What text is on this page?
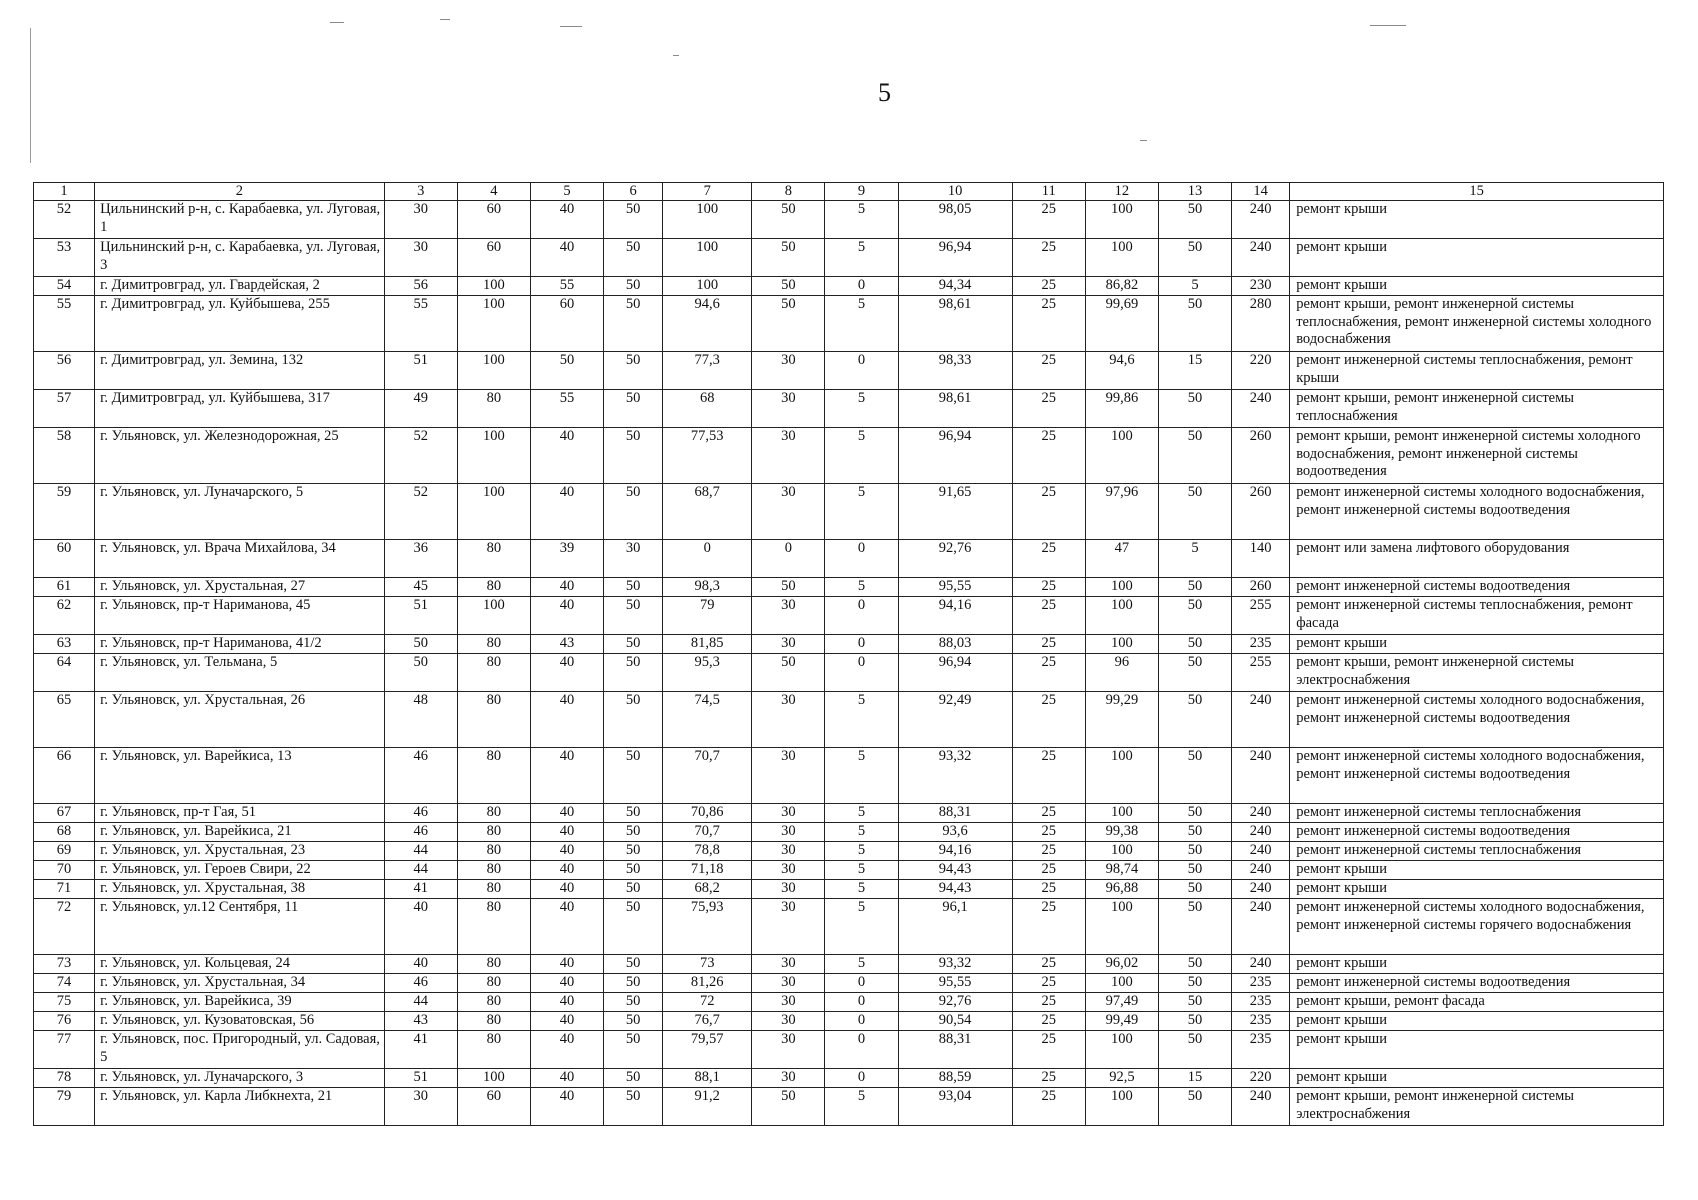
5
1	2	3	4	5	6	7	8	9	10	11	12	13	14	15
52	Цильнинский р-н, с. Карабаевка, ул. Луговая, 1	30	60	40	50	100	50	5	98,05	25	100	50	240	ремонт крыши
53	Цильнинский р-н, с. Карабаевка, ул. Луговая, 3	30	60	40	50	100	50	5	96,94	25	100	50	240	ремонт крыши
54	г. Димитровград, ул. Гвардейская, 2	56	100	55	50	100	50	0	94,34	25	86,82	5	230	ремонт крыши
55	г. Димитровград, ул. Куйбышева, 255	55	100	60	50	94,6	50	5	98,61	25	99,69	50	280	ремонт крыши, ремонт инженерной системы теплоснабжения, ремонт инженерной системы холодного водоснабжения
56	г. Димитровград, ул. Земина, 132	51	100	50	50	77,3	30	0	98,33	25	94,6	15	220	ремонт инженерной системы теплоснабжения, ремонт крыши
57	г. Димитровград, ул. Куйбышева, 317	49	80	55	50	68	30	5	98,61	25	99,86	50	240	ремонт крыши, ремонт инженерной системы теплоснабжения
58	г. Ульяновск, ул. Железнодорожная, 25	52	100	40	50	77,53	30	5	96,94	25	100	50	260	ремонт крыши, ремонт инженерной системы холодного водоснабжения, ремонт инженерной системы водоотведения
59	г. Ульяновск, ул. Луначарского, 5	52	100	40	50	68,7	30	5	91,65	25	97,96	50	260	ремонт инженерной системы холодного водоснабжения, ремонт инженерной системы водоотведения
60	г. Ульяновск, ул. Врача Михайлова, 34	36	80	39	30	0	0	0	92,76	25	47	5	140	ремонт или замена лифтового оборудования
61	г. Ульяновск, ул. Хрустальная, 27	45	80	40	50	98,3	50	5	95,55	25	100	50	260	ремонт инженерной системы водоотведения
62	г. Ульяновск, пр-т Нариманова, 45	51	100	40	50	79	30	0	94,16	25	100	50	255	ремонт инженерной системы теплоснабжения, ремонт фасада
63	г. Ульяновск, пр-т Нариманова, 41/2	50	80	43	50	81,85	30	0	88,03	25	100	50	235	ремонт крыши
64	г. Ульяновск, ул. Тельмана, 5	50	80	40	50	95,3	50	0	96,94	25	96	50	255	ремонт крыши, ремонт инженерной системы электроснабжения
65	г. Ульяновск, ул. Хрустальная, 26	48	80	40	50	74,5	30	5	92,49	25	99,29	50	240	ремонт инженерной системы холодного водоснабжения, ремонт инженерной системы водоотведения
66	г. Ульяновск, ул. Варейкиса, 13	46	80	40	50	70,7	30	5	93,32	25	100	50	240	ремонт инженерной системы холодного водоснабжения, ремонт инженерной системы водоотведения
67	г. Ульяновск, пр-т Гая, 51	46	80	40	50	70,86	30	5	88,31	25	100	50	240	ремонт инженерной системы теплоснабжения
68	г. Ульяновск, ул. Варейкиса, 21	46	80	40	50	70,7	30	5	93,6	25	99,38	50	240	ремонт инженерной системы водоотведения
69	г. Ульяновск, ул. Хрустальная, 23	44	80	40	50	78,8	30	5	94,16	25	100	50	240	ремонт инженерной системы теплоснабжения
70	г. Ульяновск, ул. Героев Свири, 22	44	80	40	50	71,18	30	5	94,43	25	98,74	50	240	ремонт крыши
71	г. Ульяновск, ул. Хрустальная, 38	41	80	40	50	68,2	30	5	94,43	25	96,88	50	240	ремонт крыши
72	г. Ульяновск, ул.12 Сентября, 11	40	80	40	50	75,93	30	5	96,1	25	100	50	240	ремонт инженерной системы холодного водоснабжения, ремонт инженерной системы горячего водоснабжения
73	г. Ульяновск, ул. Кольцевая, 24	40	80	40	50	73	30	5	93,32	25	96,02	50	240	ремонт крыши
74	г. Ульяновск, ул. Хрустальная, 34	46	80	40	50	81,26	30	0	95,55	25	100	50	235	ремонт инженерной системы водоотведения
75	г. Ульяновск, ул. Варейкиса, 39	44	80	40	50	72	30	0	92,76	25	97,49	50	235	ремонт крыши, ремонт фасада
76	г. Ульяновск, ул. Кузоватовская, 56	43	80	40	50	76,7	30	0	90,54	25	99,49	50	235	ремонт крыши
77	г. Ульяновск, пос. Пригородный, ул. Садовая, 5	41	80	40	50	79,57	30	0	88,31	25	100	50	235	ремонт крыши
78	г. Ульяновск, ул. Луначарского, 3	51	100	40	50	88,1	30	0	88,59	25	92,5	15	220	ремонт крыши
79	г. Ульяновск, ул. Карла Либкнехта, 21	30	60	40	50	91,2	50	5	93,04	25	100	50	240	ремонт крыши, ремонт инженерной системы электроснабжения
